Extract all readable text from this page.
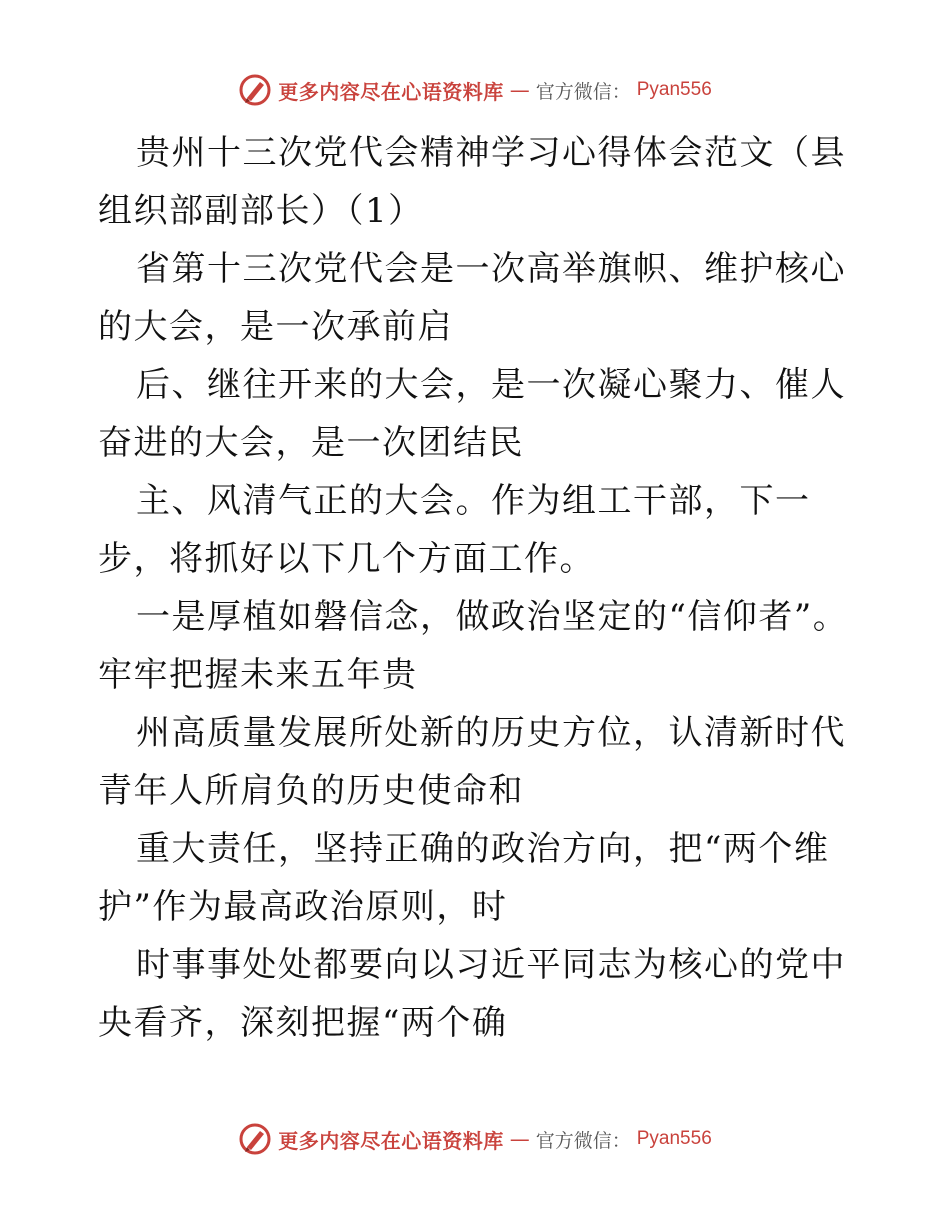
更多内容尽在心语资料库 — 官方微信： Pyan556

贵州十三次党代会精神学习心得体会范文（县组织部副部长）（1）

省第十三次党代会是一次高举旗帜、维护核心的大会，是一次承前启

后、继往开来的大会，是一次凝心聚力、催人奋进的大会，是一次团结民

主、风清气正的大会。作为组工干部，下一步，将抓好以下几个方面工作。

一是厚植如磐信念，做政治坚定的“信仰者”。牢牢把握未来五年贵

州高质量发展所处新的历史方位，认清新时代青年人所肩负的历史使命和

重大责任，坚持正确的政治方向，把“两个维护”作为最高政治原则，时

时事事处处都要向以习近平同志为核心的党中央看齐，深刻把握“两个确

更多内容尽在心语资料库 — 官方微信： Pyan556
